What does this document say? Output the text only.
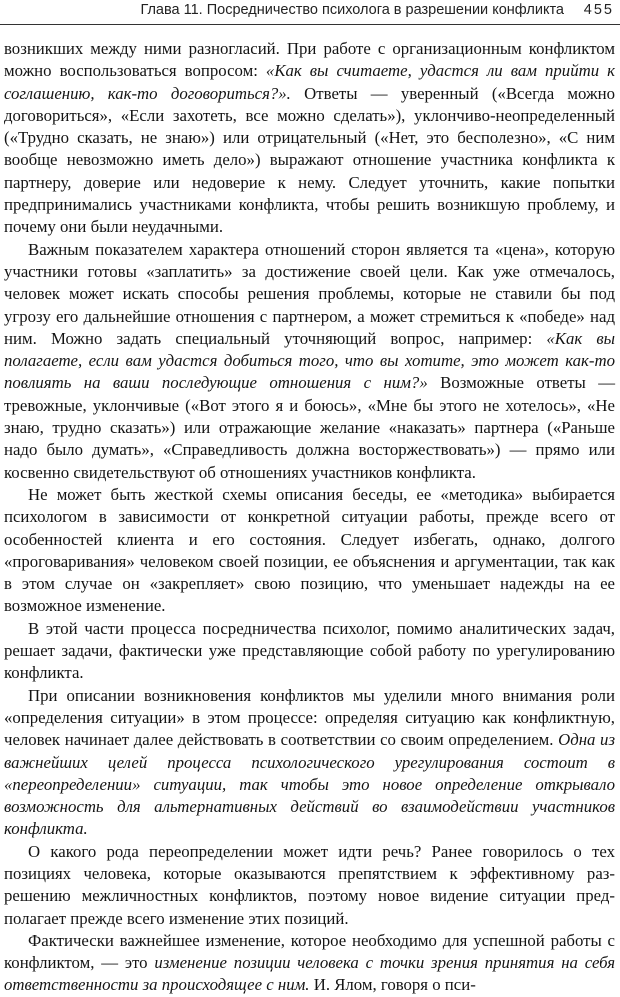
Глава 11. Посредничество психолога в разрешении конфликта 455

возникших между ними разногласий. При работе с организационным конфликтом можно воспользоваться вопросом: «Как вы считаете, удастся ли вам прийти к соглашению, как-то договориться?». Ответы — уверенный («Всегда можно договориться», «Если захотеть, все можно сделать»), уклончиво-неопределенный («Трудно сказать, не знаю») или отрицательный («Нет, это бесполезно», «С ним вообще невозможно иметь дело») выражают отношение участника конфликта к партнеру, доверие или недоверие к нему. Следует уточнить, какие попытки предпринимались участниками конфликта, чтобы решить возникшую проблему, и почему они были неудачными.

Важным показателем характера отношений сторон является та «цена», которую участники готовы «заплатить» за достижение своей цели. Как уже отмечалось, человек может искать способы решения проблемы, которые не ставили бы под угрозу его дальнейшие отношения с партнером, а может стремиться к «победе» над ним. Можно задать специальный уточняющий вопрос, например: «Как вы полагаете, если вам удастся добиться того, что вы хотите, это может как-то повлиять на ваши последующие отношения с ним?» Возможные ответы — тревожные, уклончивые («Вот этого я и боюсь», «Мне бы этого не хотелось», «Не знаю, трудно сказать») или отражающие желание «наказать» партнера («Раньше надо было думать», «Справедливость должна восторжествовать») — прямо или косвенно свидетельствуют об отношениях участников конфликта.

Не может быть жесткой схемы описания беседы, ее «методика» выбирается психологом в зависимости от конкретной ситуации работы, прежде всего от особенностей клиента и его состояния. Следует избегать, однако, долгого «проговаривания» человеком своей позиции, ее объяснения и аргументации, так как в этом случае он «закрепляет» свою позицию, что уменьшает надежды на ее возможное изменение.

В этой части процесса посредничества психолог, помимо аналитических задач, решает задачи, фактически уже представляющие собой работу по урегулированию конфликта.

При описании возникновения конфликтов мы уделили много внимания роли «определения ситуации» в этом процессе: определяя ситуацию как конфликтную, человек начинает далее действовать в соответствии со своим определением. Одна из важнейших целей процесса психологического урегулирования состоит в «переопределении» ситуации, так чтобы это новое определение открывало возможность для альтернативных действий во взаимодействии участников конфликта.

О какого рода переопределении может идти речь? Ранее говорилось о тех позициях человека, которые оказываются препятствием к эффективному разрешению межличностных конфликтов, поэтому новое видение ситуации предполагает прежде всего изменение этих позиций.

Фактически важнейшее изменение, которое необходимо для успешной работы с конфликтом, — это изменение позиции человека с точки зрения принятия на себя ответственности за происходящее с ним. И. Ялом, говоря о пси-
